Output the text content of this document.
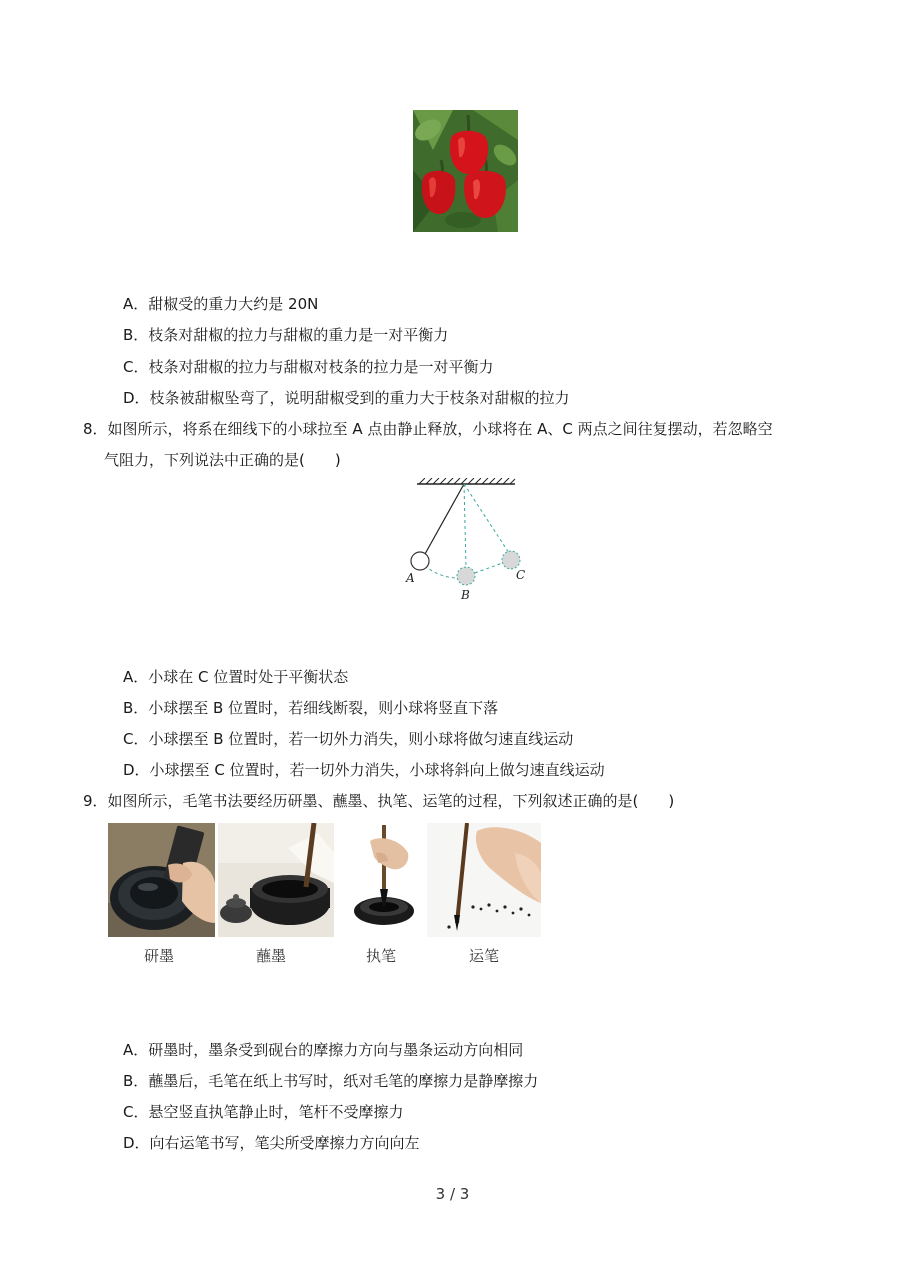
A．甜椒受的重力大约是 20N
B．枝条对甜椒的拉力与甜椒的重力是一对平衡力
C．枝条对甜椒的拉力与甜椒对枝条的拉力是一对平衡力
D．枝条被甜椒坠弯了，说明甜椒受到的重力大于枝条对甜椒的拉力
8．如图所示，将系在细线下的小球拉至 A 点由静止释放，小球将在 A、C 两点之间往复摆动，若忽略空
气阻力，下列说法中正确的是(　　)
A
B
C
A．小球在 C 位置时处于平衡状态
B．小球摆至 B 位置时，若细线断裂，则小球将竖直下落
C．小球摆至 B 位置时，若一切外力消失，则小球将做匀速直线运动
D．小球摆至 C 位置时，若一切外力消失，小球将斜向上做匀速直线运动
9．如图所示，毛笔书法要经历研墨、蘸墨、执笔、运笔的过程，下列叙述正确的是(　　)
研墨	蘸墨	执笔	运笔
A．研墨时，墨条受到砚台的摩擦力方向与墨条运动方向相同
B．蘸墨后，毛笔在纸上书写时，纸对毛笔的摩擦力是静摩擦力
C．悬空竖直执笔静止时，笔杆不受摩擦力
D．向右运笔书写，笔尖所受摩擦力方向向左
3 / 3
